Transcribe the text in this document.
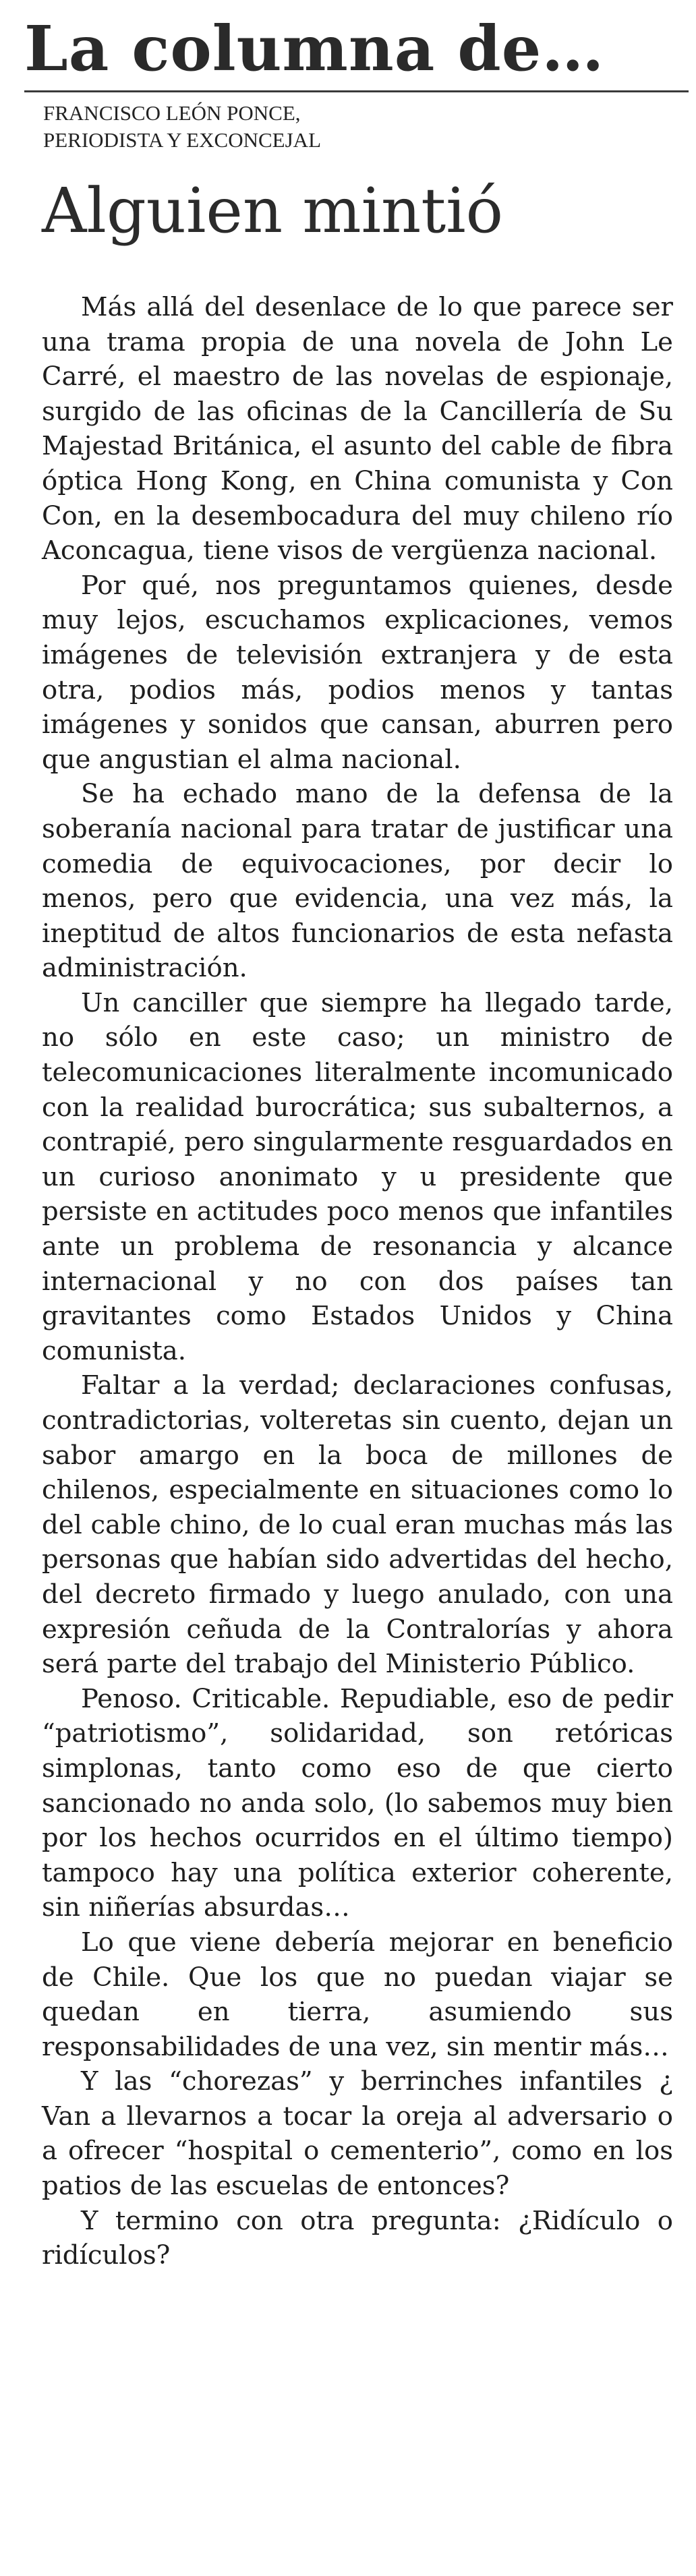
La columna de…
FRANCISCO LEÓN PONCE,
PERIODISTA Y EXCONCEJAL
Alguien mintió

Más allá del desenlace de lo que parece ser una trama propia de una novela de John Le Carré, el maestro de las novelas de espionaje, surgido de las oficinas de la Cancillería de Su Majestad Británica, el asunto del cable de fibra óptica Hong Kong, en China comunista y Con Con, en la desembocadura del muy chileno río Aconcagua, tiene visos de vergüenza nacional.

Por qué, nos preguntamos quienes, desde muy lejos, escuchamos explicaciones, vemos imágenes de televisión extranjera y de esta otra, podios más, podios menos y tantas imágenes y sonidos que cansan, aburren pero que angustian el alma nacional.

Se ha echado mano de la defensa de la soberanía nacional para tratar de justificar una comedia de equivocaciones, por decir lo menos, pero que evidencia, una vez más, la ineptitud de altos funcionarios de esta nefasta administración.

Un canciller que siempre ha llegado tarde, no sólo en este caso; un ministro de telecomunicaciones literalmente incomunicado con la realidad burocrática; sus subalternos, a contrapié, pero singularmente resguardados en un curioso anonimato y u presidente que persiste en actitudes poco menos que infantiles ante un problema de resonancia y alcance internacional y no con dos países tan gravitantes como Estados Unidos y China comunista.

Faltar a la verdad; declaraciones confusas, contradictorias, volteretas sin cuento, dejan un sabor amargo en la boca de millones de chilenos, especialmente en situaciones como lo del cable chino, de lo cual eran muchas más las personas que habían sido advertidas del hecho, del decreto firmado y luego anulado, con una expresión ceñuda de la Contralorías y ahora será parte del trabajo del Ministerio Público.

Penoso. Criticable. Repudiable, eso de pedir “patriotismo”, solidaridad, son retóricas simplonas, tanto como eso de que cierto sancionado no anda solo, (lo sabemos muy bien por los hechos ocurridos en el último tiempo) tampoco hay una política exterior coherente, sin niñerías absurdas…

Lo que viene debería mejorar en beneficio de Chile. Que los que no puedan viajar se quedan en tierra, asumiendo sus responsabilidades de una vez, sin mentir más…

Y las “chorezas” y berrinches infantiles ¿ Van a llevarnos a tocar la oreja al adversario o a ofrecer “hospital o cementerio”, como en los patios de las escuelas de entonces?

Y termino con otra pregunta: ¿Ridículo o ridículos?
